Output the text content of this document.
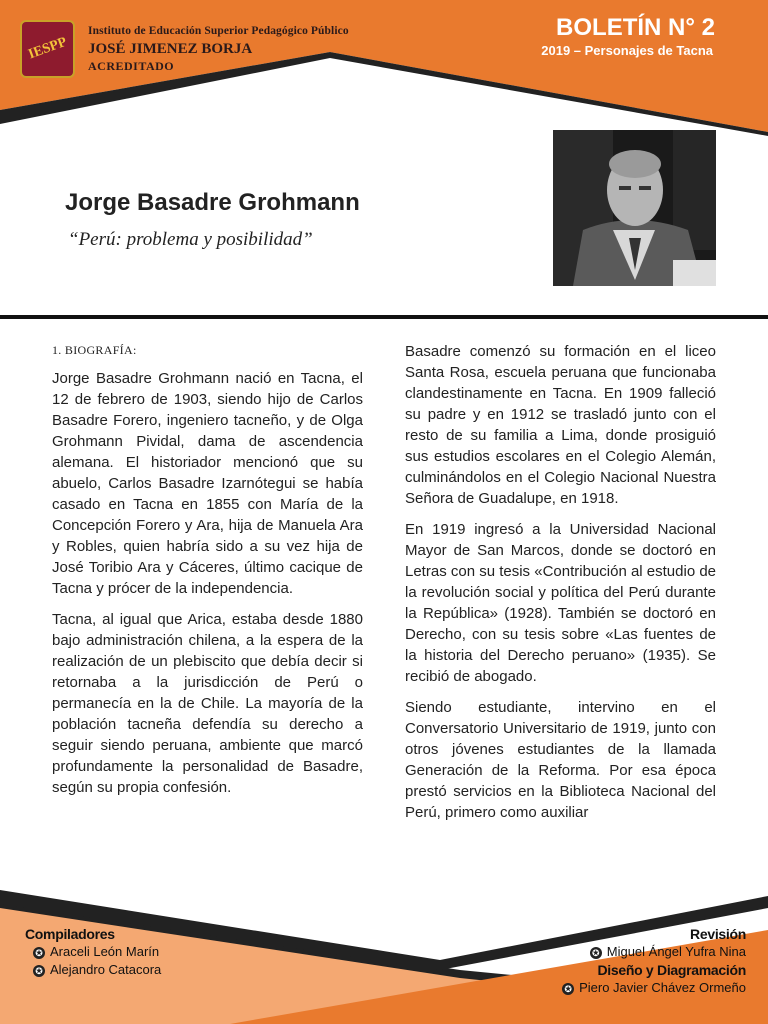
IESPP
Instituto de Educación Superior Pedagógico Público
JOSÉ JIMENEZ BORJA
ACREDITADO
BOLETÍN N° 2
2019 – Personajes de Tacna
Jorge Basadre Grohmann
“Perú: problema y posibilidad”
1. BIOGRAFÍA:

Jorge Basadre Grohmann nació en Tacna, el 12 de febrero de 1903, siendo hijo de Carlos Basadre Forero, ingeniero tacneño, y de Olga Grohmann Pividal, dama de ascendencia alemana. El historiador mencionó que su abuelo, Carlos Basadre Izarnótegui se había casado en Tacna en 1855 con María de la Concepción Forero y Ara, hija de Manuela Ara y Robles, quien habría sido a su vez hija de José Toribio Ara y Cáceres, último cacique de Tacna y prócer de la independencia.

Tacna, al igual que Arica, estaba desde 1880 bajo administración chilena, a la espera de la realización de un plebiscito que debía decir si retornaba a la jurisdicción de Perú o permanecía en la de Chile. La mayoría de la población tacneña defendía su derecho a seguir siendo peruana, ambiente que marcó profundamente la personalidad de Basadre, según su propia confesión.

Basadre comenzó su formación en el liceo Santa Rosa, escuela peruana que funcionaba clandestinamente en Tacna. En 1909 falleció su padre y en 1912 se trasladó junto con el resto de su familia a Lima, donde prosiguió sus estudios escolares en el Colegio Alemán, culminándolos en el Colegio Nacional Nuestra Señora de Guadalupe, en 1918.

En 1919 ingresó a la Universidad Nacional Mayor de San Marcos, donde se doctoró en Letras con su tesis «Contribución al estudio de la revolución social y política del Perú durante la República» (1928). También se doctoró en Derecho, con su tesis sobre «Las fuentes de la historia del Derecho peruano» (1935). Se recibió de abogado.

Siendo estudiante, intervino en el Conversatorio Universitario de 1919, junto con otros jóvenes estudiantes de la llamada Generación de la Reforma. Por esa época prestó servicios en la Biblioteca Nacional del Perú, primero como auxiliar

Compiladores
✪ Araceli León Marín
✪ Alejandro Catacora
Revisión
✪ Miguel Ángel Yufra Nina
Diseño y Diagramación
✪ Piero Javier Chávez Ormeño
